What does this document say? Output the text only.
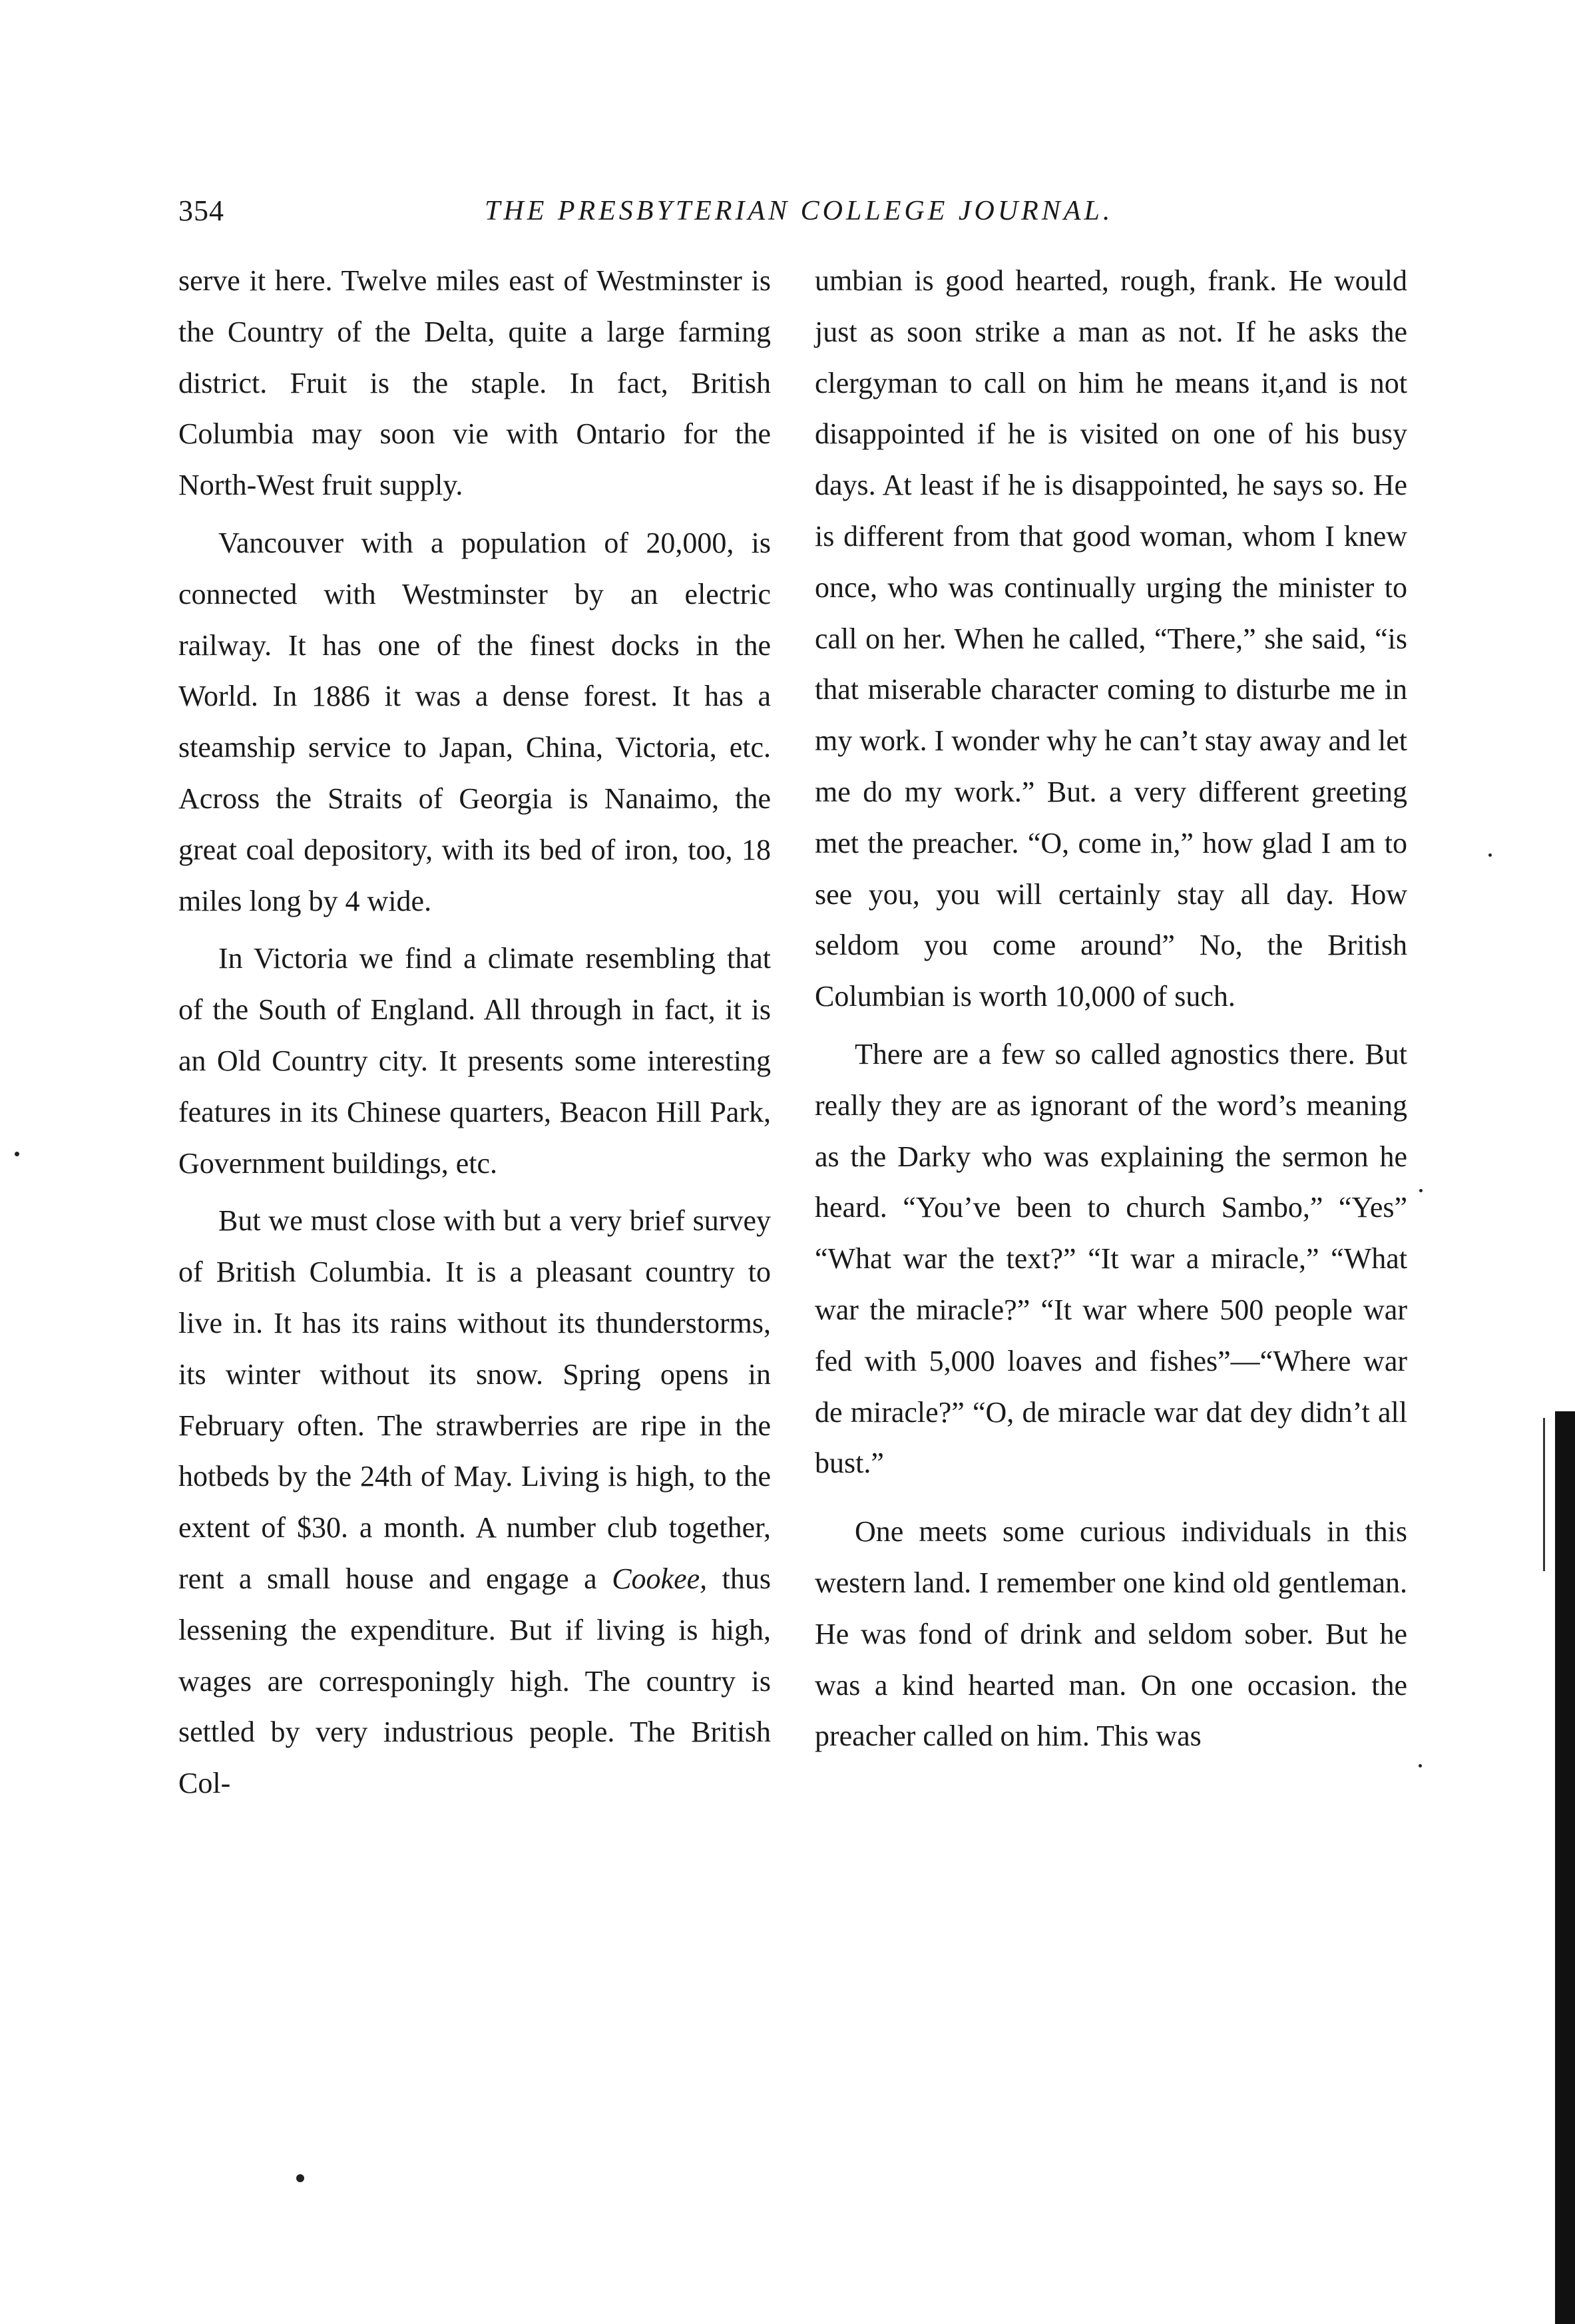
354	THE PRESBYTERIAN COLLEGE JOURNAL.

serve it here. Twelve miles east of Westminster is the Country of the Delta, quite a large farming district. Fruit is the staple. In fact, British Columbia may soon vie with Ontario for the North-West fruit supply.

Vancouver with a population of 20,000, is connected with Westminster by an electric railway. It has one of the finest docks in the World. In 1886 it was a dense forest. It has a steamship service to Japan, China, Victoria, etc. Across the Straits of Georgia is Nanaimo, the great coal depository, with its bed of iron, too, 18 miles long by 4 wide.

In Victoria we find a climate resembling that of the South of England. All through in fact, it is an Old Country city. It presents some interesting features in its Chinese quarters, Beacon Hill Park, Government buildings, etc.

But we must close with but a very brief survey of British Columbia. It is a pleasant country to live in. It has its rains without its thunderstorms, its winter without its snow. Spring opens in February often. The strawberries are ripe in the hotbeds by the 24th of May. Living is high, to the extent of $30. a month. A number club together, rent a small house and engage a Cookee, thus lessening the expenditure. But if living is high, wages are corresponingly high. The country is settled by very industrious people. The British Col-

umbian is good hearted, rough, frank. He would just as soon strike a man as not. If he asks the clergyman to call on him he means it,and is not disappointed if he is visited on one of his busy days. At least if he is disappointed, he says so. He is different from that good woman, whom I knew once, who was continually urging the minister to call on her. When he called, “There,” she said, “is that miserable character coming to disturbe me in my work. I wonder why he can’t stay away and let me do my work.” But. a very different greeting met the preacher. “O, come in,” how glad I am to see you, you will certainly stay all day. How seldom you come around” No, the British Columbian is worth 10,000 of such.

There are a few so called agnostics there. But really they are as ignorant of the word’s meaning as the Darky who was explaining the sermon he heard. “You’ve been to church Sambo,” “Yes” “What war the text?” “It war a miracle,” “What war the miracle?” “It war where 500 people war fed with 5,000 loaves and fishes”—“Where war de miracle?” “O, de miracle war dat dey didn’t all bust.”

One meets some curious individuals in this western land. I remember one kind old gentleman. He was fond of drink and seldom sober. But he was a kind hearted man. On one occasion. the preacher called on him. This was
